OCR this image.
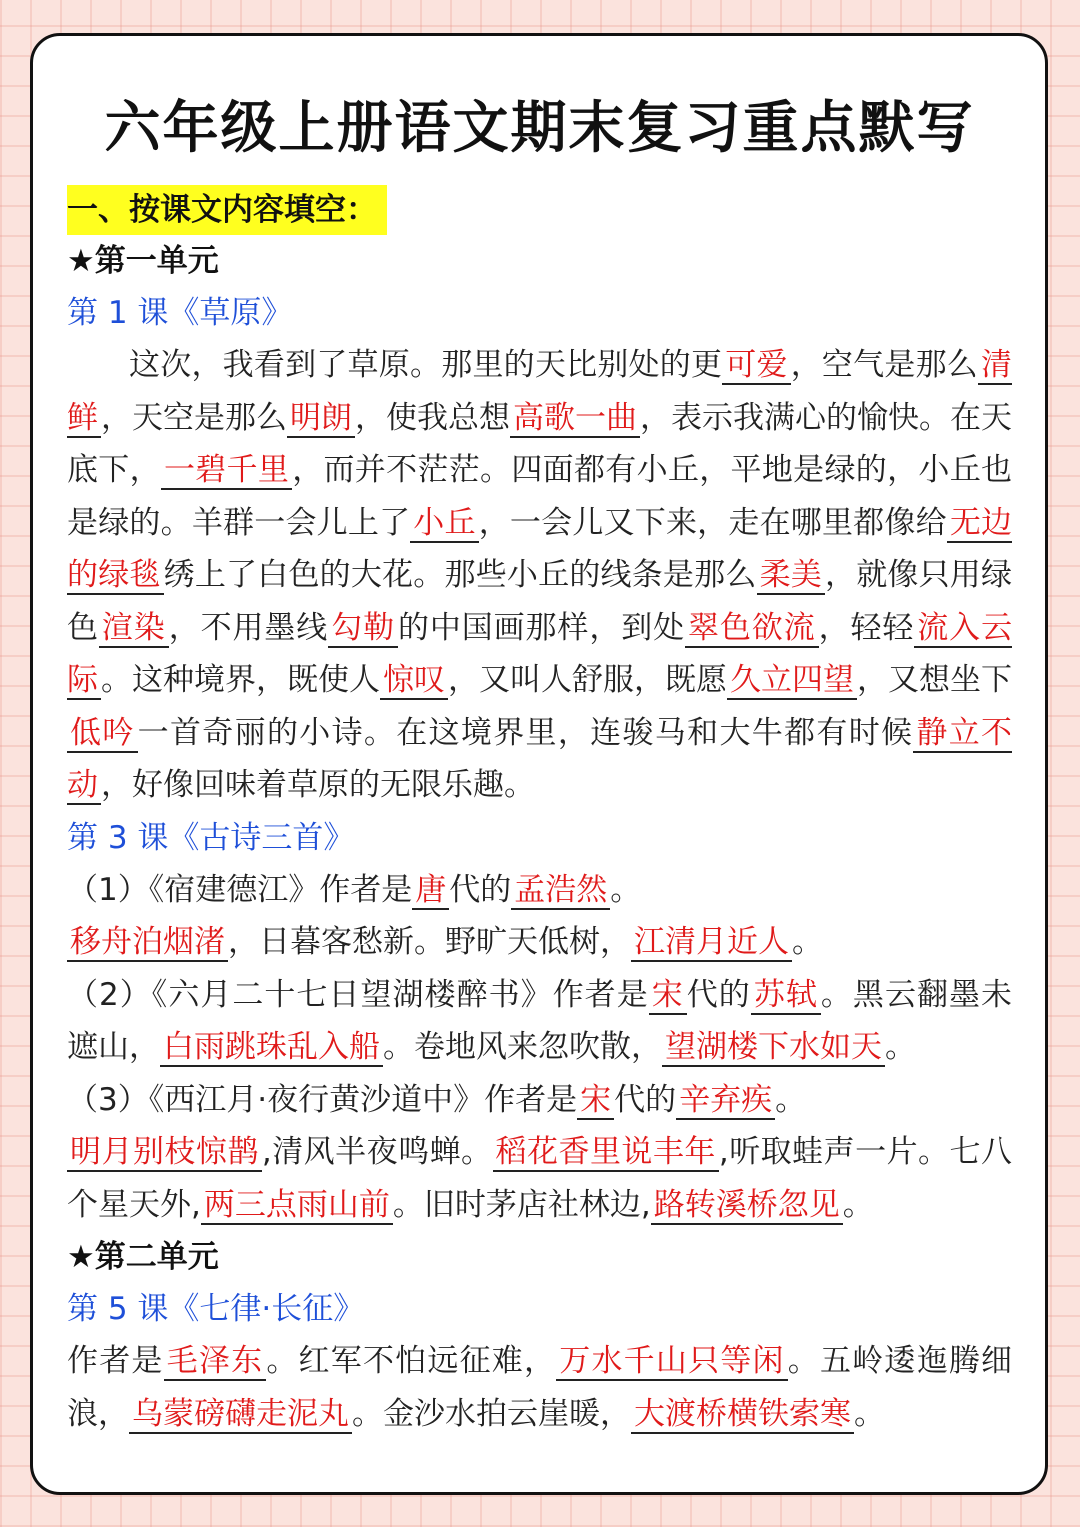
六年级上册语文期末复习重点默写
一、按课文内容填空：
★第一单元
第 1 课《草原》
这次，我看到了草原。那里的天比别处的更可爱，空气是那么清鲜，天空是那么明朗，使我总想高歌一曲，表示我满心的愉快。在天底下，一碧千里，而并不茫茫。四面都有小丘，平地是绿的，小丘也是绿的。羊群一会儿上了小丘，一会儿又下来，走在哪里都像给无边的绿毯绣上了白色的大花。那些小丘的线条是那么柔美，就像只用绿色渲染，不用墨线勾勒的中国画那样，到处翠色欲流，轻轻流入云际。这种境界，既使人惊叹，又叫人舒服，既愿久立四望，又想坐下低吟一首奇丽的小诗。在这境界里，连骏马和大牛都有时候静立不动，好像回味着草原的无限乐趣。
第 3 课《古诗三首》
（1）《宿建德江》作者是唐代的孟浩然。
移舟泊烟渚，日暮客愁新。野旷天低树，江清月近人。
（2）《六月二十七日望湖楼醉书》作者是宋代的苏轼。黑云翻墨未遮山，白雨跳珠乱入船。卷地风来忽吹散，望湖楼下水如天。
（3）《西江月·夜行黄沙道中》作者是宋代的辛弃疾。
明月别枝惊鹊,清风半夜鸣蝉。稻花香里说丰年,听取蛙声一片。七八个星天外,两三点雨山前。旧时茅店社林边,路转溪桥忽见。
★第二单元
第 5 课《七律·长征》
作者是毛泽东。红军不怕远征难，万水千山只等闲。五岭逶迤腾细浪，乌蒙磅礴走泥丸。金沙水拍云崖暖，大渡桥横铁索寒。
